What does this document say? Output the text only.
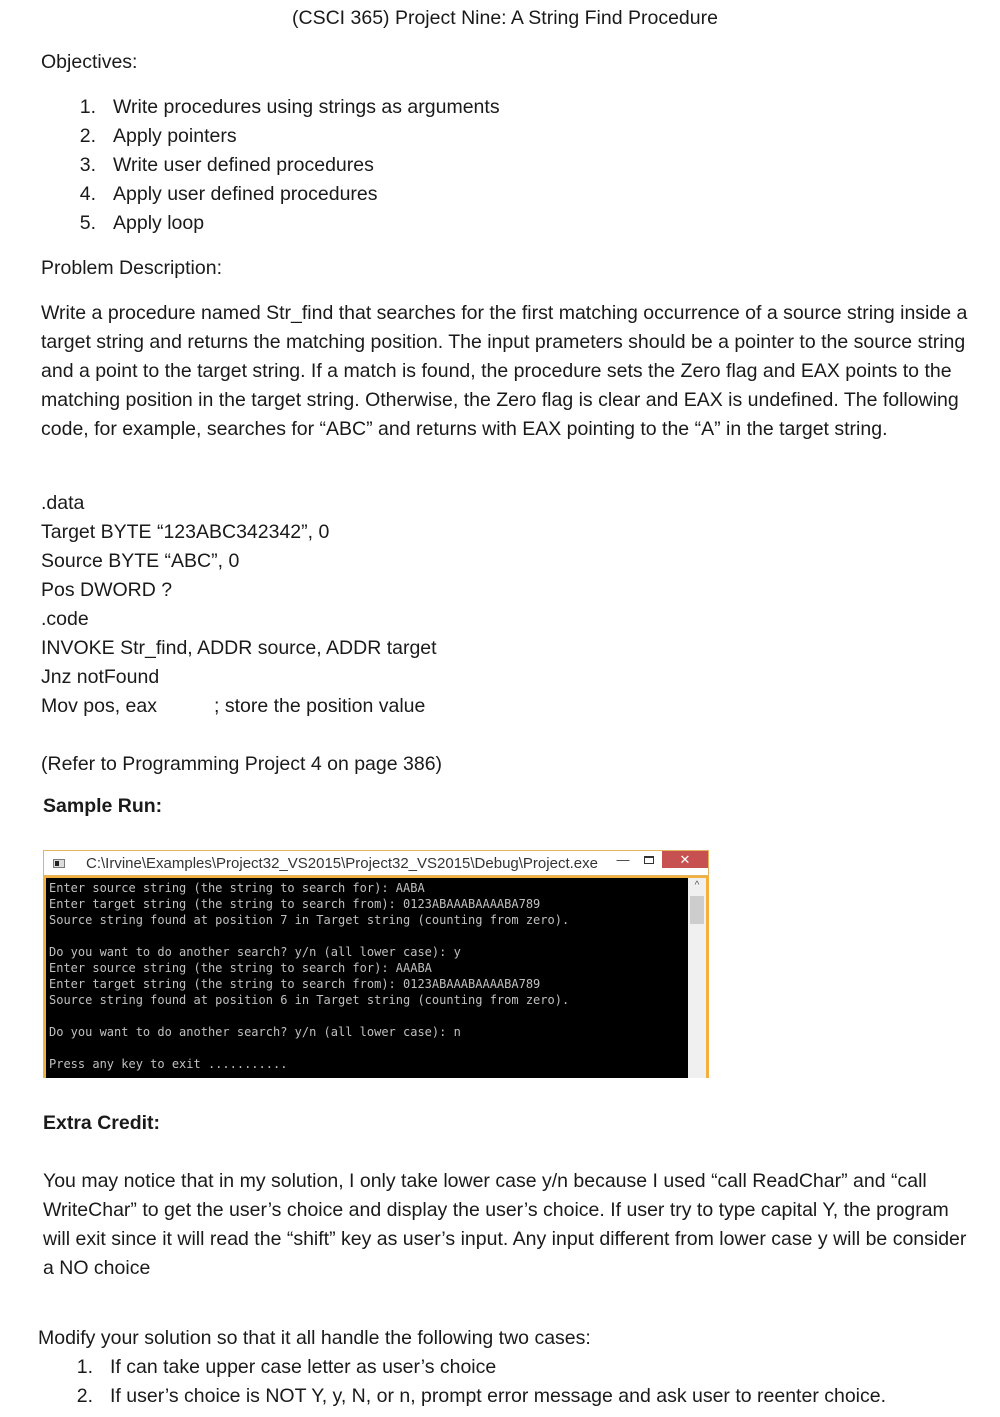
(CSCI 365) Project Nine: A String Find Procedure

Objectives:

1. Write procedures using strings as arguments
2. Apply pointers
3. Write user defined procedures
4. Apply user defined procedures
5. Apply loop

Problem Description:

Write a procedure named Str_find that searches for the first matching occurrence of a source string inside a target string and returns the matching position. The input prameters should be a pointer to the source string and a point to the target string. If a match is found, the procedure sets the Zero flag and EAX points to the matching position in the target string. Otherwise, the Zero flag is clear and EAX is undefined. The following code, for example, searches for “ABC” and returns with EAX pointing to the “A” in the target string.

.data

Target BYTE “123ABC342342”, 0

Source BYTE “ABC”, 0

Pos DWORD ?

.code

INVOKE Str_find, ADDR source, ADDR target

Jnz notFound

Mov pos, eax	; store the position value

(Refer to Programming Project 4 on page 386)

Sample Run:

C:\Irvine\Examples\Project32_VS2015\Project32_VS2015\Debug\Project.exe	—	✕
Enter source string (the string to search for): AABA
Enter target string (the string to search from): 0123ABAAABAAAABA789
Source string found at position 7 in Target string (counting from zero).

Do you want to do another search? y/n (all lower case): y
Enter source string (the string to search for): AAABA
Enter target string (the string to search from): 0123ABAAABAAAABA789
Source string found at position 6 in Target string (counting from zero).

Do you want to do another search? y/n (all lower case): n

Press any key to exit ...........
^

Extra Credit:

You may notice that in my solution, I only take lower case y/n because I used “call ReadChar” and “call WriteChar” to get the user’s choice and display the user’s choice. If user try to type capital Y, the program will exit since it will read the “shift” key as user’s input. Any input different from lower case y will be consider a NO choice

Modify your solution so that it all handle the following two cases:

1. If can take upper case letter as user’s choice
2. If user’s choice is NOT Y, y, N, or n, prompt error message and ask user to reenter choice.
